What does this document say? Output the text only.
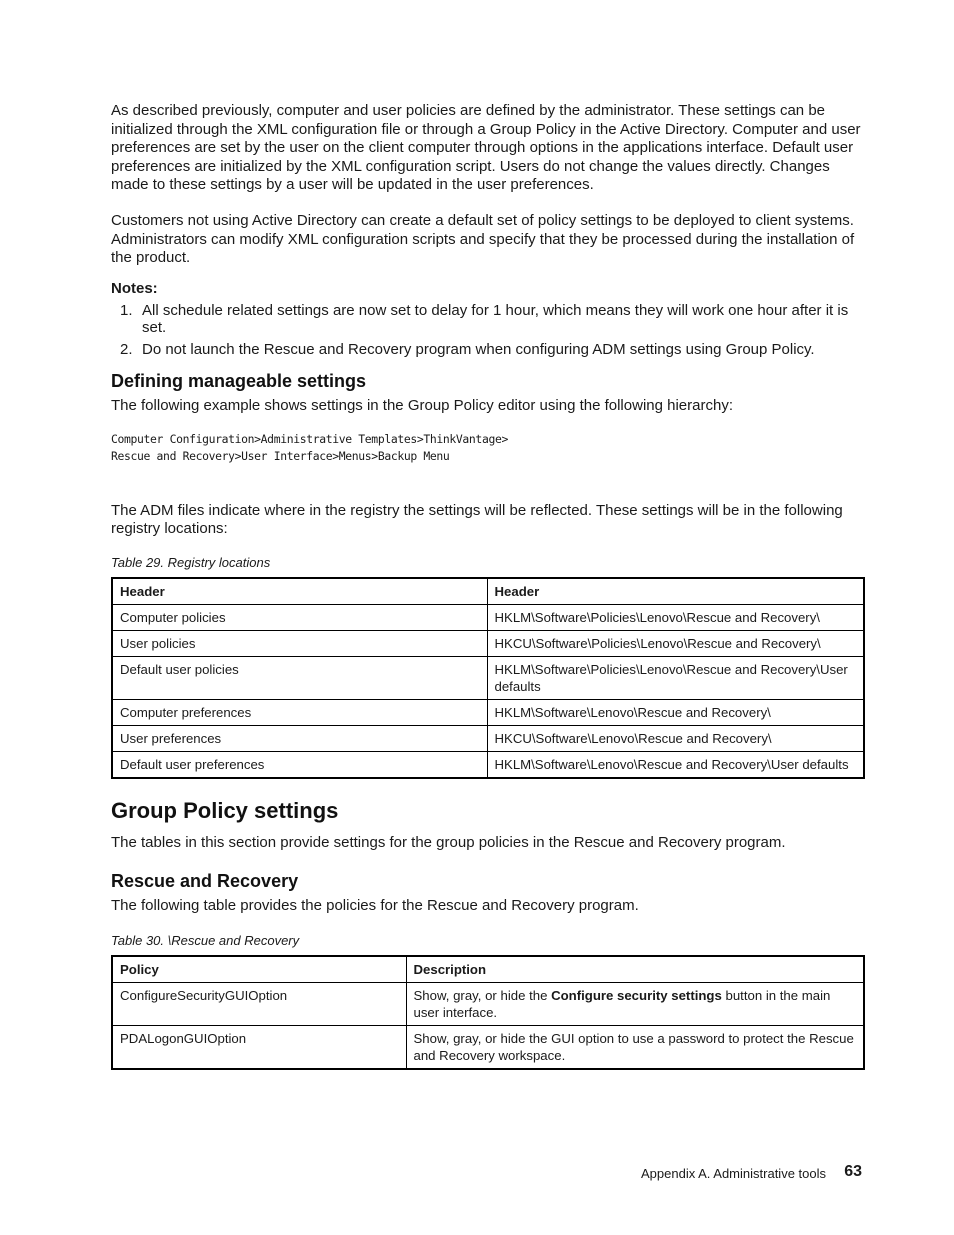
As described previously, computer and user policies are defined by the administrator. These settings can be initialized through the XML configuration file or through a Group Policy in the Active Directory. Computer and user preferences are set by the user on the client computer through options in the applications interface. Default user preferences are initialized by the XML configuration script. Users do not change the values directly. Changes made to these settings by a user will be updated in the user preferences.

Customers not using Active Directory can create a default set of policy settings to be deployed to client systems. Administrators can modify XML configuration scripts and specify that they be processed during the installation of the product.

Notes:
1. All schedule related settings are now set to delay for 1 hour, which means they will work one hour after it is set.
2. Do not launch the Rescue and Recovery program when configuring ADM settings using Group Policy.
Defining manageable settings

The following example shows settings in the Group Policy editor using the following hierarchy:

Computer Configuration>Administrative Templates>ThinkVantage>
Rescue and Recovery>User Interface>Menus>Backup Menu

The ADM files indicate where in the registry the settings will be reflected. These settings will be in the following registry locations:

Table 29. Registry locations
Header	Header
Computer policies	HKLM\Software\Policies\Lenovo\Rescue and Recovery\
User policies	HKCU\Software\Policies\Lenovo\Rescue and Recovery\
Default user policies	HKLM\Software\Policies\Lenovo\Rescue and Recovery\User defaults
Computer preferences	HKLM\Software\Lenovo\Rescue and Recovery\
User preferences	HKCU\Software\Lenovo\Rescue and Recovery\
Default user preferences	HKLM\Software\Lenovo\Rescue and Recovery\User defaults
Group Policy settings

The tables in this section provide settings for the group policies in the Rescue and Recovery program.

Rescue and Recovery

The following table provides the policies for the Rescue and Recovery program.

Table 30. \Rescue and Recovery
Policy	Description
ConfigureSecurityGUIOption	Show, gray, or hide the Configure security settings button in the main user interface.
PDALogonGUIOption	Show, gray, or hide the GUI option to use a password to protect the Rescue and Recovery workspace.
Appendix A. Administrative tools 63
